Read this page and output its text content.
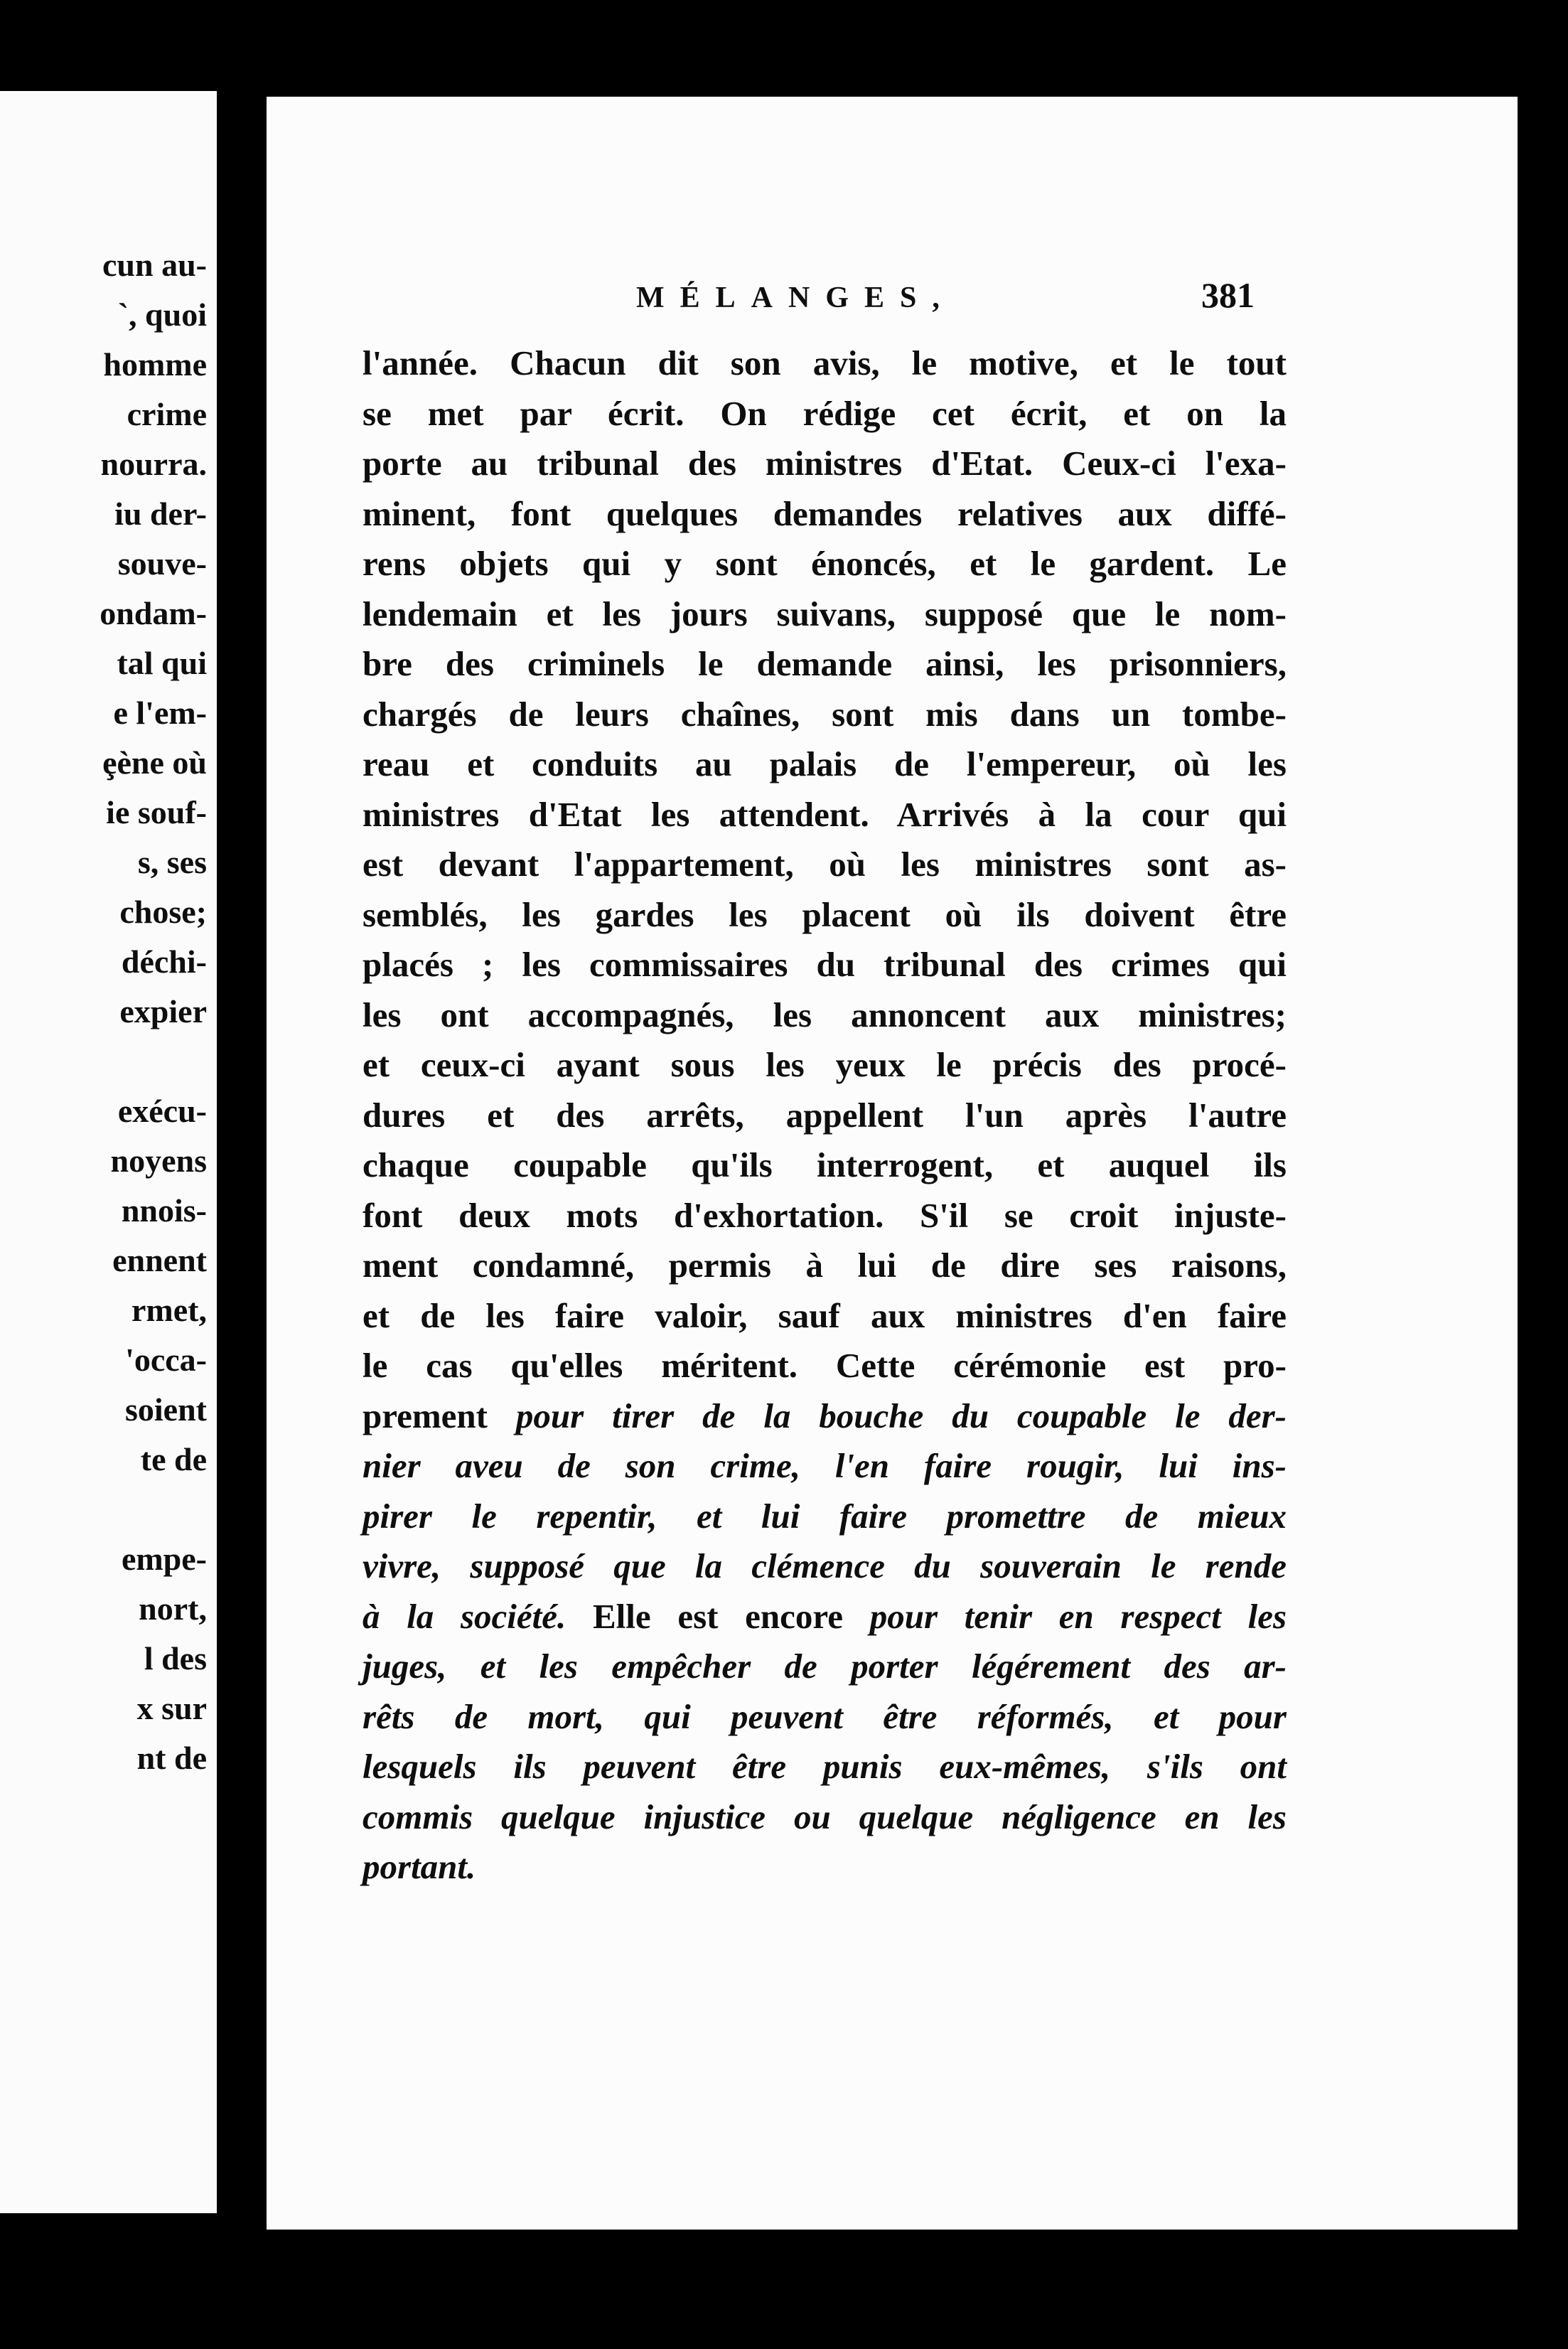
cun au-
`, quoi
homme
crime
nourra.
iu der-
souve-
ondam-
tal qui
e l'em-
ȩène où
ie souf-
s, ses
chose;
déchi-
expier
exécu-
noyens
nnois-
ennent
rmet,
'occa-
soient
te de
empe-
nort,
l des
x sur
nt de
MÉLANGES,	381
l'année. Chacun dit son avis, le motive, et le tout
se met par écrit. On rédige cet écrit, et on la
porte au tribunal des ministres d'Etat. Ceux-ci l'exa-
minent, font quelques demandes relatives aux diffé-
rens objets qui y sont énoncés, et le gardent. Le
lendemain et les jours suivans, supposé que le nom-
bre des criminels le demande ainsi, les prisonniers,
chargés de leurs chaînes, sont mis dans un tombe-
reau et conduits au palais de l'empereur, où les
ministres d'Etat les attendent. Arrivés à la cour qui
est devant l'appartement, où les ministres sont as-
semblés, les gardes les placent où ils doivent être
placés ; les commissaires du tribunal des crimes qui
les ont accompagnés, les annoncent aux ministres;
et ceux-ci ayant sous les yeux le précis des procé-
dures et des arrêts, appellent l'un après l'autre
chaque coupable qu'ils interrogent, et auquel ils
font deux mots d'exhortation. S'il se croit injuste-
ment condamné, permis à lui de dire ses raisons,
et de les faire valoir, sauf aux ministres d'en faire
le cas qu'elles méritent. Cette cérémonie est pro-
prement pour tirer de la bouche du coupable le der-
nier aveu de son crime, l'en faire rougir, lui ins-
pirer le repentir, et lui faire promettre de mieux
vivre, supposé que la clémence du souverain le rende
à la société. Elle est encore pour tenir en respect les
juges, et les empêcher de porter légérement des ar-
rêts de mort, qui peuvent être réformés, et pour
lesquels ils peuvent être punis eux-mêmes, s'ils ont
commis quelque injustice ou quelque négligence en les
portant.
